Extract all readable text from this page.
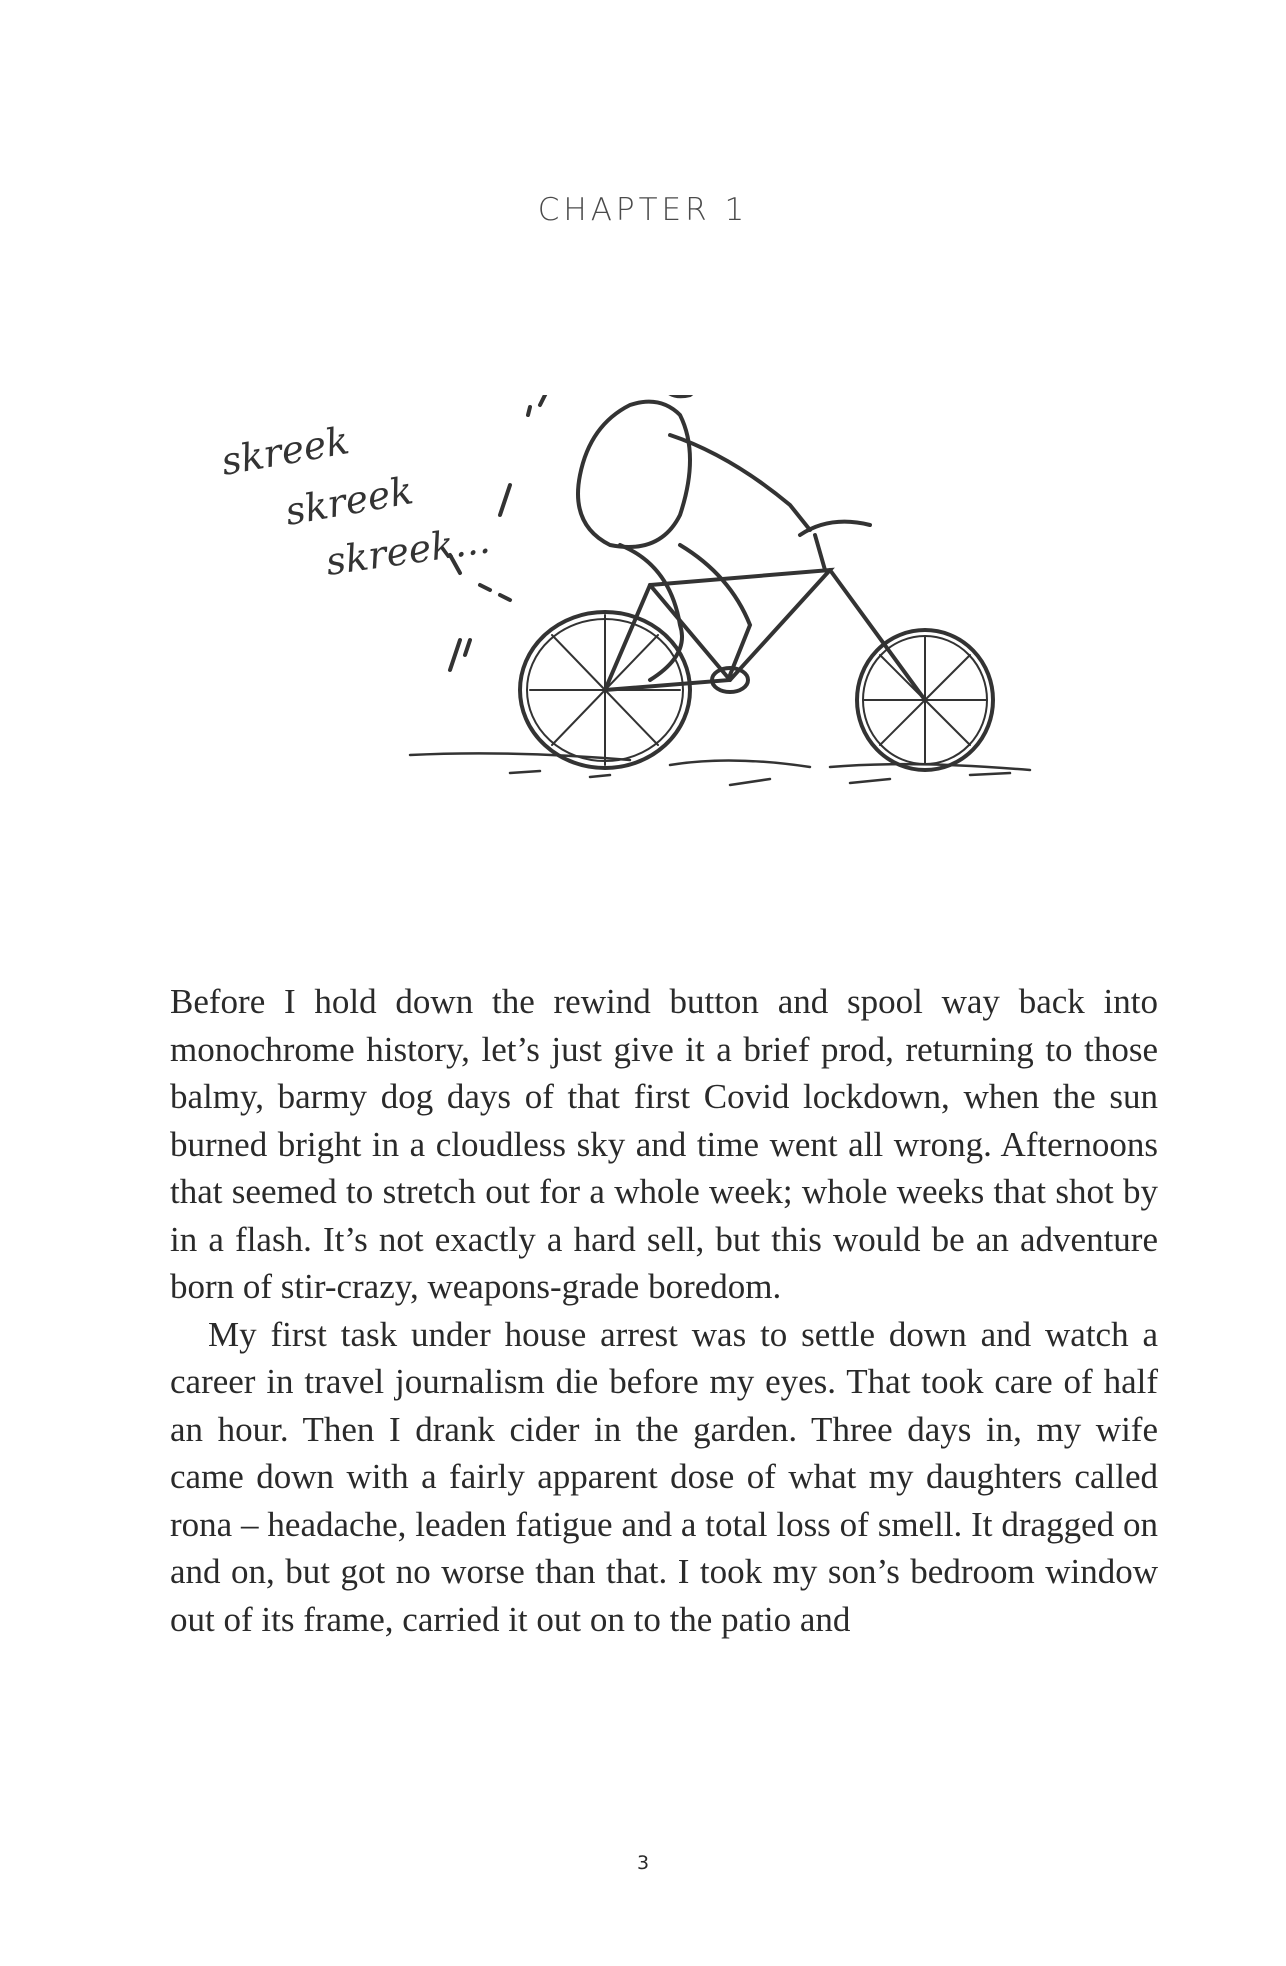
CHAPTER 1
skreek
skreek
skreek...

Before I hold down the rewind button and spool way back into monochrome history, let’s just give it a brief prod, returning to those balmy, barmy dog days of that first Covid lockdown, when the sun burned bright in a cloudless sky and time went all wrong. Afternoons that seemed to stretch out for a whole week; whole weeks that shot by in a flash. It’s not exactly a hard sell, but this would be an adventure born of stir-crazy, weapons-grade boredom.

My first task under house arrest was to settle down and watch a career in travel journalism die before my eyes. That took care of half an hour. Then I drank cider in the garden. Three days in, my wife came down with a fairly apparent dose of what my daughters called rona – headache, leaden fatigue and a total loss of smell. It dragged on and on, but got no worse than that. I took my son’s bedroom window out of its frame, carried it out on to the patio and

3
